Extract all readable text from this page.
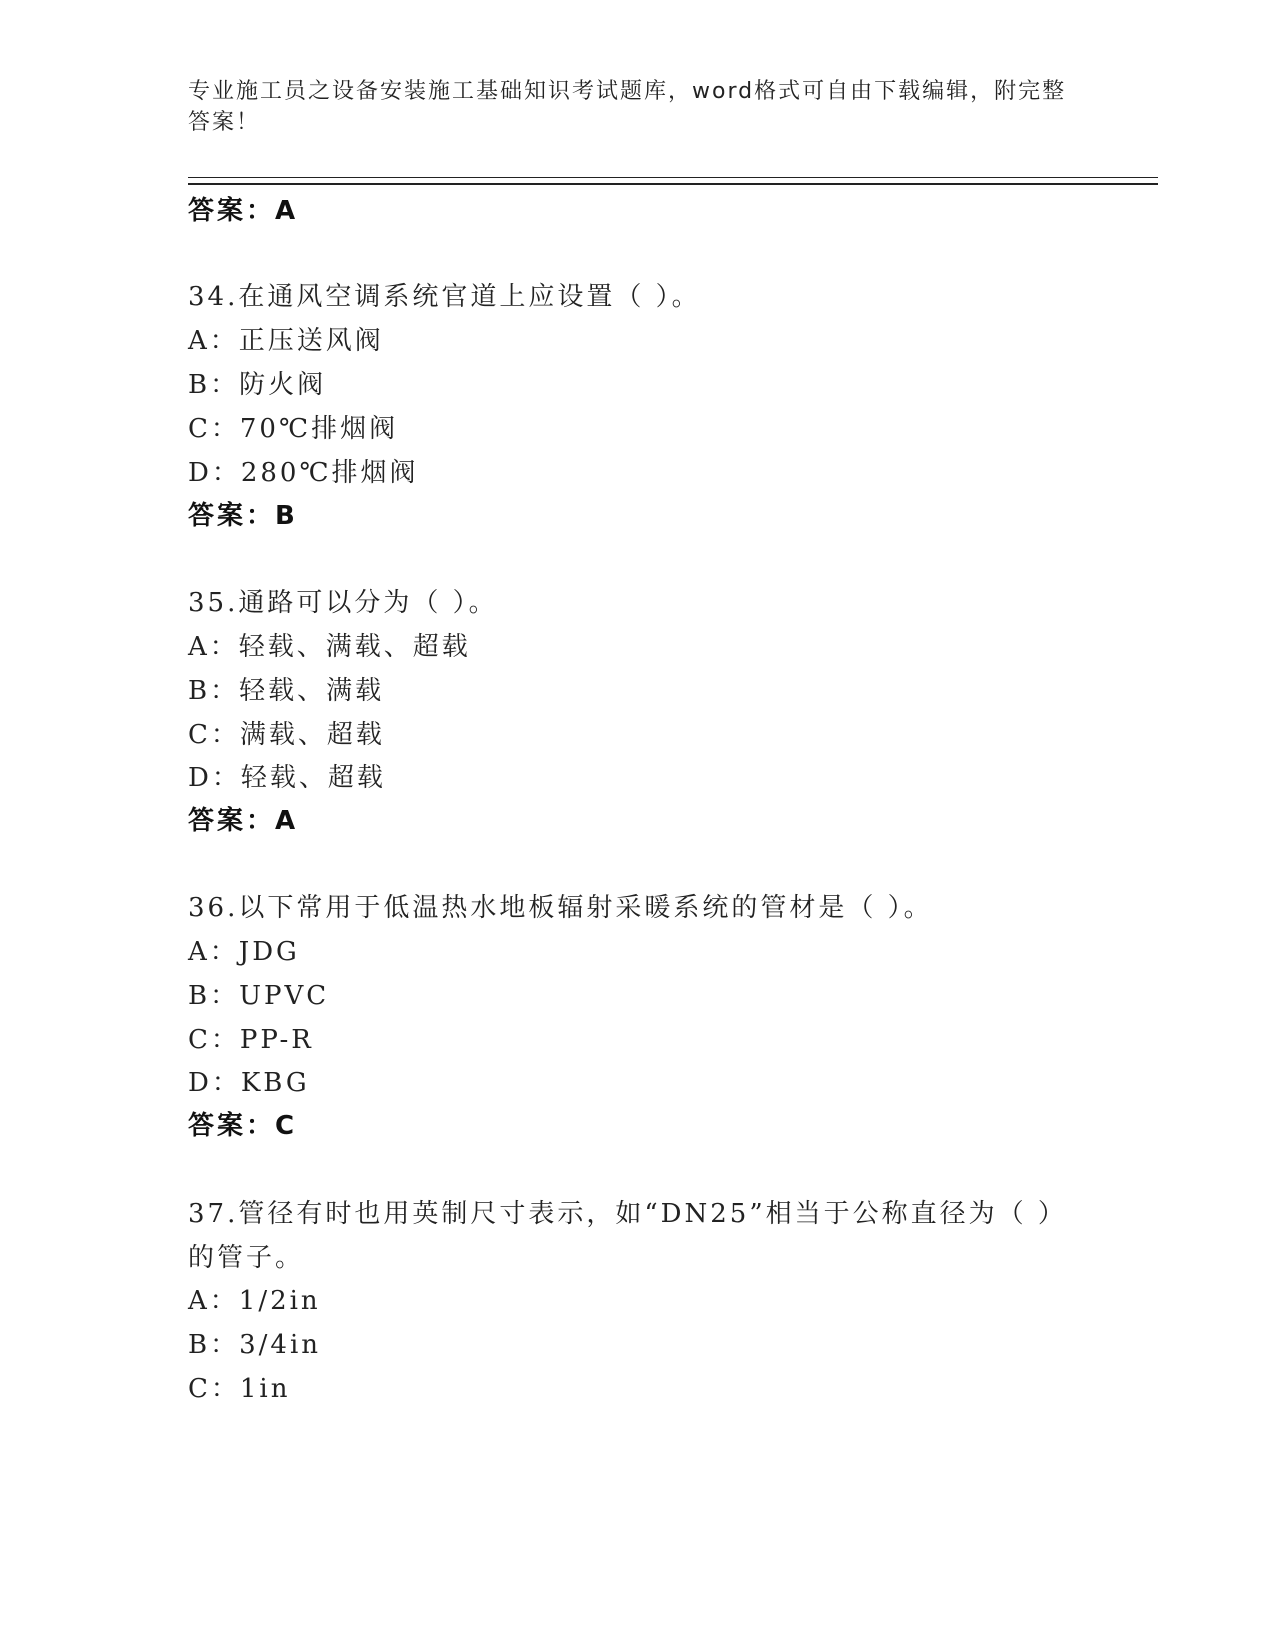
专业施工员之设备安装施工基础知识考试题库，word格式可自由下载编辑，附完整答案！
答案：A
34.在通风空调系统官道上应设置（ ）。
A：正压送风阀
B：防火阀
C：70℃排烟阀
D：280℃排烟阀
答案：B
35.通路可以分为（ ）。
A：轻载、满载、超载
B：轻载、满载
C：满载、超载
D：轻载、超载
答案：A
36.以下常用于低温热水地板辐射采暖系统的管材是（ ）。
A：JDG
B：UPVC
C：PP-R
D：KBG
答案：C
37.管径有时也用英制尺寸表示，如“DN25”相当于公称直径为（ ）的管子。
A：1/2in
B：3/4in
C：1in
